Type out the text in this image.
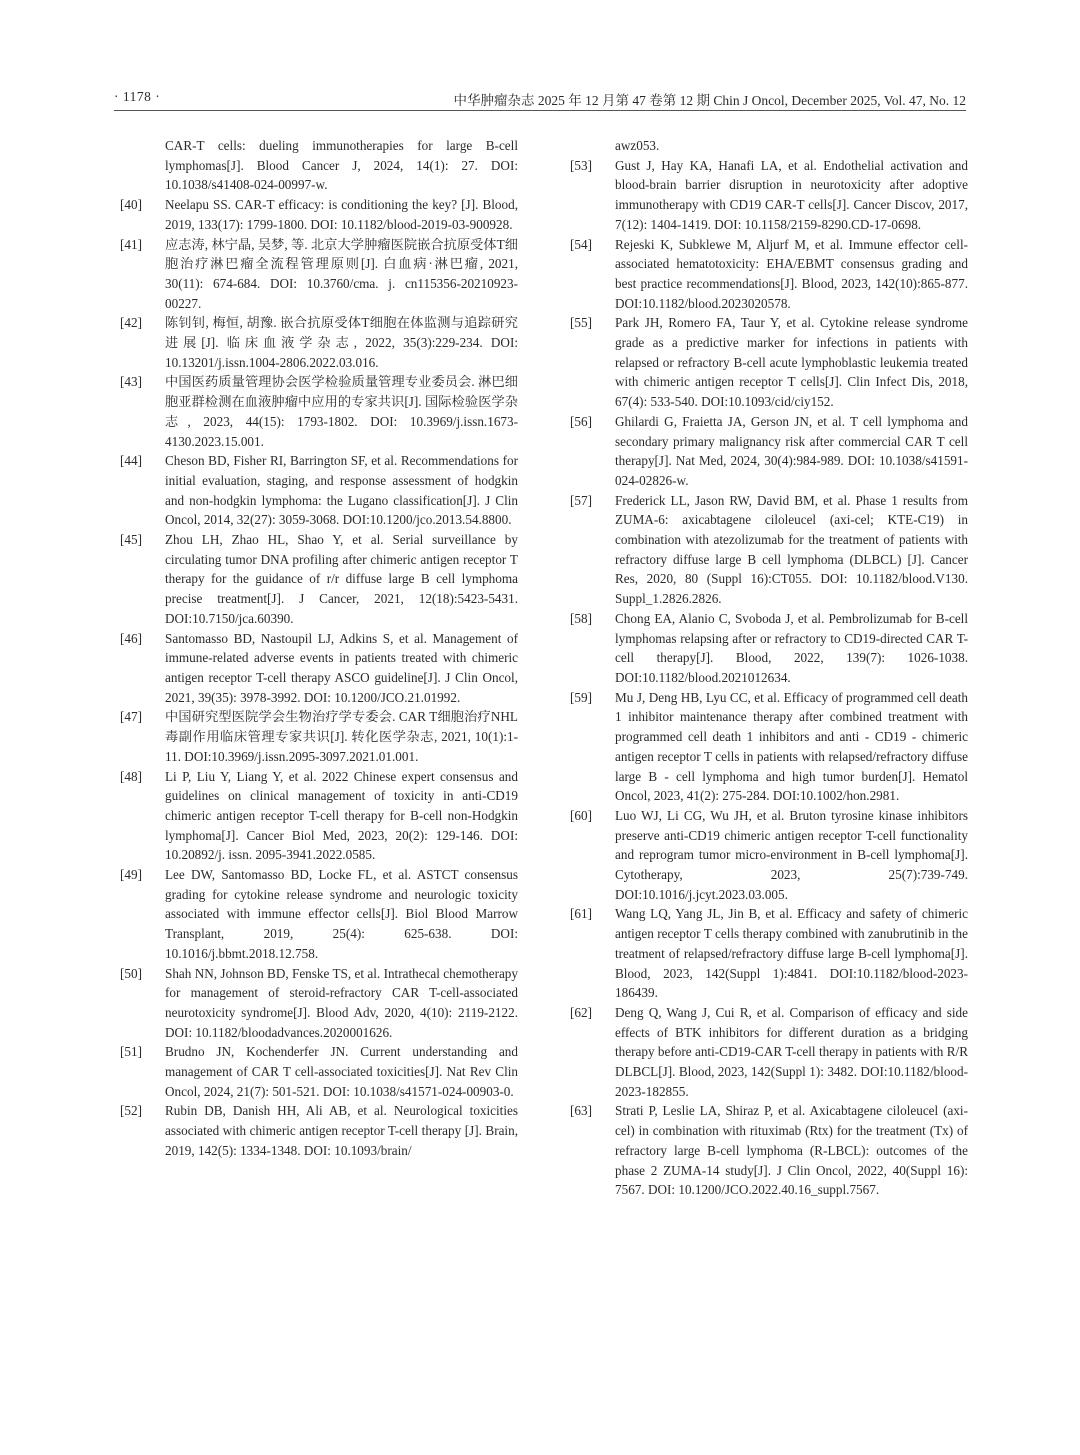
· 1178 ·	中华肿瘤杂志 2025 年 12 月第 47 卷第 12 期 Chin J Oncol, December 2025, Vol. 47, No. 12
CAR-T cells: dueling immunotherapies for large B-cell lymphomas[J]. Blood Cancer J, 2024, 14(1): 27. DOI: 10.1038/s41408-024-00997-w.
[40] Neelapu SS. CAR-T efficacy: is conditioning the key? [J]. Blood, 2019, 133(17): 1799-1800. DOI: 10.1182/blood-2019-03-900928.
[41] 应志涛, 林宁晶, 吴梦, 等. 北京大学肿瘤医院嵌合抗原受体T细胞治疗淋巴瘤全流程管理原则[J]. 白血病·淋巴瘤, 2021, 30(11): 674-684. DOI: 10.3760/cma. j. cn115356-20210923-00227.
[42] 陈钊钊, 梅恒, 胡豫. 嵌合抗原受体T细胞在体监测与追踪研究进展[J]. 临床血液学杂志, 2022, 35(3):229-234. DOI: 10.13201/j.issn.1004-2806.2022.03.016.
[43] 中国医药质量管理协会医学检验质量管理专业委员会. 淋巴细胞亚群检测在血液肿瘤中应用的专家共识[J]. 国际检验医学杂志, 2023, 44(15): 1793-1802. DOI: 10.3969/j.issn.1673-4130.2023.15.001.
[44] Cheson BD, Fisher RI, Barrington SF, et al. Recommendations for initial evaluation, staging, and response assessment of hodgkin and non-hodgkin lymphoma: the Lugano classification[J]. J Clin Oncol, 2014, 32(27): 3059-3068. DOI:10.1200/jco.2013.54.8800.
[45] Zhou LH, Zhao HL, Shao Y, et al. Serial surveillance by circulating tumor DNA profiling after chimeric antigen receptor T therapy for the guidance of r/r diffuse large B cell lymphoma precise treatment[J]. J Cancer, 2021, 12(18):5423-5431. DOI:10.7150/jca.60390.
[46] Santomasso BD, Nastoupil LJ, Adkins S, et al. Management of immune-related adverse events in patients treated with chimeric antigen receptor T-cell therapy ASCO guideline[J]. J Clin Oncol, 2021, 39(35): 3978-3992. DOI: 10.1200/JCO.21.01992.
[47] 中国研究型医院学会生物治疗学专委会. CAR T细胞治疗NHL毒副作用临床管理专家共识[J]. 转化医学杂志, 2021, 10(1):1-11. DOI:10.3969/j.issn.2095-3097.2021.01.001.
[48] Li P, Liu Y, Liang Y, et al. 2022 Chinese expert consensus and guidelines on clinical management of toxicity in anti-CD19 chimeric antigen receptor T-cell therapy for B-cell non-Hodgkin lymphoma[J]. Cancer Biol Med, 2023, 20(2): 129-146. DOI: 10.20892/j. issn. 2095-3941.2022.0585.
[49] Lee DW, Santomasso BD, Locke FL, et al. ASTCT consensus grading for cytokine release syndrome and neurologic toxicity associated with immune effector cells[J]. Biol Blood Marrow Transplant, 2019, 25(4): 625-638. DOI: 10.1016/j.bbmt.2018.12.758.
[50] Shah NN, Johnson BD, Fenske TS, et al. Intrathecal chemotherapy for management of steroid-refractory CAR T-cell-associated neurotoxicity syndrome[J]. Blood Adv, 2020, 4(10): 2119-2122. DOI: 10.1182/bloodadvances.2020001626.
[51] Brudno JN, Kochenderfer JN. Current understanding and management of CAR T cell-associated toxicities[J]. Nat Rev Clin Oncol, 2024, 21(7): 501-521. DOI: 10.1038/s41571-024-00903-0.
[52] Rubin DB, Danish HH, Ali AB, et al. Neurological toxicities associated with chimeric antigen receptor T-cell therapy [J]. Brain, 2019, 142(5): 1334-1348. DOI: 10.1093/brain/
awz053.
[53] Gust J, Hay KA, Hanafi LA, et al. Endothelial activation and blood-brain barrier disruption in neurotoxicity after adoptive immunotherapy with CD19 CAR-T cells[J]. Cancer Discov, 2017, 7(12): 1404-1419. DOI: 10.1158/2159-8290.CD-17-0698.
[54] Rejeski K, Subklewe M, Aljurf M, et al. Immune effector cell-associated hematotoxicity: EHA/EBMT consensus grading and best practice recommendations[J]. Blood, 2023, 142(10):865-877. DOI:10.1182/blood.2023020578.
[55] Park JH, Romero FA, Taur Y, et al. Cytokine release syndrome grade as a predictive marker for infections in patients with relapsed or refractory B-cell acute lymphoblastic leukemia treated with chimeric antigen receptor T cells[J]. Clin Infect Dis, 2018, 67(4): 533-540. DOI:10.1093/cid/ciy152.
[56] Ghilardi G, Fraietta JA, Gerson JN, et al. T cell lymphoma and secondary primary malignancy risk after commercial CAR T cell therapy[J]. Nat Med, 2024, 30(4):984-989. DOI: 10.1038/s41591-024-02826-w.
[57] Frederick LL, Jason RW, David BM, et al. Phase 1 results from ZUMA-6: axicabtagene ciloleucel (axi-cel; KTE-C19) in combination with atezolizumab for the treatment of patients with refractory diffuse large B cell lymphoma (DLBCL) [J]. Cancer Res, 2020, 80 (Suppl 16):CT055. DOI: 10.1182/blood.V130. Suppl_1.2826.2826.
[58] Chong EA, Alanio C, Svoboda J, et al. Pembrolizumab for B-cell lymphomas relapsing after or refractory to CD19-directed CAR T-cell therapy[J]. Blood, 2022, 139(7): 1026-1038. DOI:10.1182/blood.2021012634.
[59] Mu J, Deng HB, Lyu CC, et al. Efficacy of programmed cell death 1 inhibitor maintenance therapy after combined treatment with programmed cell death 1 inhibitors and anti - CD19 - chimeric antigen receptor T cells in patients with relapsed/refractory diffuse large B - cell lymphoma and high tumor burden[J]. Hematol Oncol, 2023, 41(2): 275-284. DOI:10.1002/hon.2981.
[60] Luo WJ, Li CG, Wu JH, et al. Bruton tyrosine kinase inhibitors preserve anti-CD19 chimeric antigen receptor T-cell functionality and reprogram tumor micro-environment in B-cell lymphoma[J]. Cytotherapy, 2023, 25(7):739-749. DOI:10.1016/j.jcyt.2023.03.005.
[61] Wang LQ, Yang JL, Jin B, et al. Efficacy and safety of chimeric antigen receptor T cells therapy combined with zanubrutinib in the treatment of relapsed/refractory diffuse large B-cell lymphoma[J]. Blood, 2023, 142(Suppl 1):4841. DOI:10.1182/blood-2023-186439.
[62] Deng Q, Wang J, Cui R, et al. Comparison of efficacy and side effects of BTK inhibitors for different duration as a bridging therapy before anti-CD19-CAR T-cell therapy in patients with R/R DLBCL[J]. Blood, 2023, 142(Suppl 1): 3482. DOI:10.1182/blood-2023-182855.
[63] Strati P, Leslie LA, Shiraz P, et al. Axicabtagene ciloleucel (axi-cel) in combination with rituximab (Rtx) for the treatment (Tx) of refractory large B-cell lymphoma (R-LBCL): outcomes of the phase 2 ZUMA-14 study[J]. J Clin Oncol, 2022, 40(Suppl 16): 7567. DOI: 10.1200/JCO.2022.40.16_suppl.7567.
